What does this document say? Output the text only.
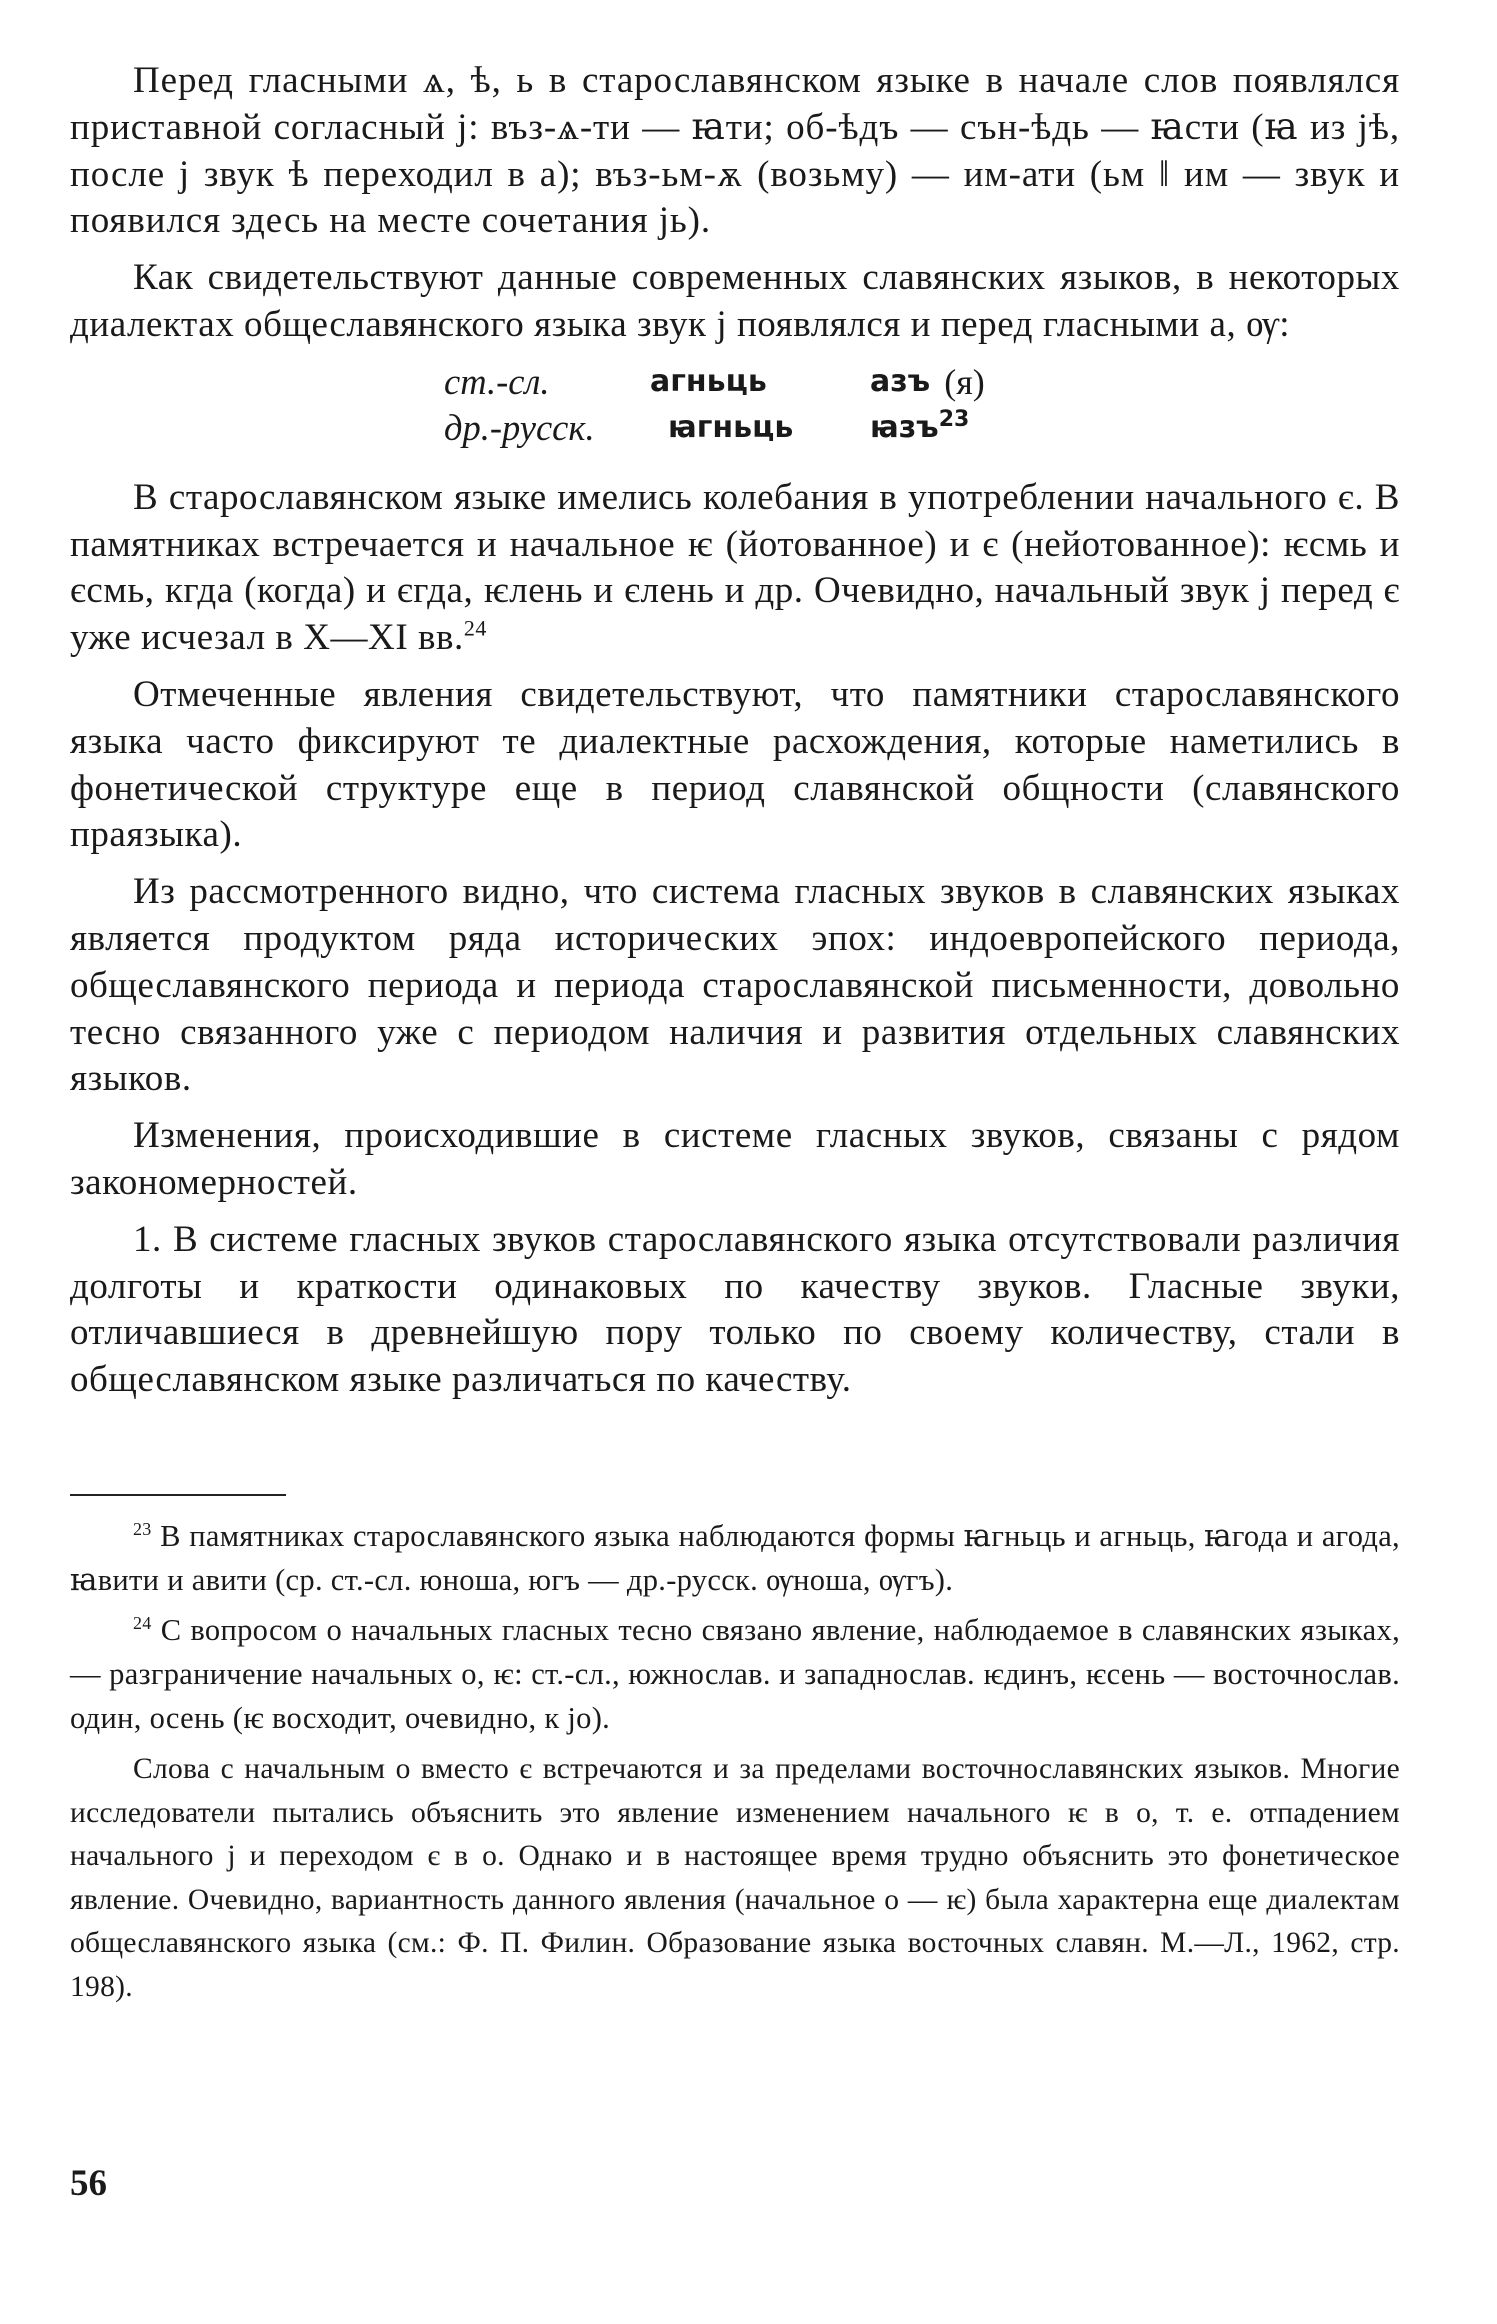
Перед гласными ѧ, ѣ, ь в старославянском языке в начале слов появлялся приставной согласный j: въз-ѧ-ти — ꙗти; об-ѣдъ — сън-ѣдь — ꙗсти (ꙗ из jѣ, после j звук ѣ переходил в а); въз-ьм-ѫ (возьму) — им-ати (ьм ‖ им — звук и появился здесь на месте сочетания jь).

Как свидетельствуют данные современных славянских языков, в некоторых диалектах общеславянского языка звук j появлялся и перед гласными а, ѹ:

ст.-сл.	агньць	азъ (я)
др.-русск.	ꙗгньць	ꙗзъ$^{23}$

В старославянском языке имелись колебания в употреблении начального є. В памятниках встречается и начальное ѥ (йотованное) и є (нейотованное): ѥсмь и єсмь, кгда (когда) и єгда, ѥлень и єлень и др. Очевидно, начальный звук j перед є уже исчезал в X—XI вв.$^{24}$

Отмеченные явления свидетельствуют, что памятники старославянского языка часто фиксируют те диалектные расхождения, которые наметились в фонетической структуре еще в период славянской общности (славянского праязыка).

Из рассмотренного видно, что система гласных звуков в славянских языках является продуктом ряда исторических эпох: индоевропейского периода, общеславянского периода и периода старославянской письменности, довольно тесно связанного уже с периодом наличия и развития отдельных славянских языков.

Изменения, происходившие в системе гласных звуков, связаны с рядом закономерностей.

1. В системе гласных звуков старославянского языка отсутствовали различия долготы и краткости одинаковых по качеству звуков. Гласные звуки, отличавшиеся в древнейшую пору только по своему количеству, стали в общеславянском языке различаться по качеству.

$^{23}$ В памятниках старославянского языка наблюдаются формы ꙗгньць и агньць, ꙗгода и агода, ꙗвити и авити (ср. ст.-сл. юноша, югъ — др.-русск. ѹноша, ѹгъ).

$^{24}$ С вопросом о начальных гласных тесно связано явление, наблюдаемое в славянских языках, — разграничение начальных о, ѥ: ст.-сл., южнослав. и западнослав. ѥдинъ, ѥсень — восточнослав. один, осень (ѥ восходит, очевидно, к jo).

Слова с начальным о вместо є встречаются и за пределами восточнославянских языков. Многие исследователи пытались объяснить это явление изменением начального ѥ в о, т. е. отпадением начального j и переходом є в о. Однако и в настоящее время трудно объяснить это фонетическое явление. Очевидно, вариантность данного явления (начальное о — ѥ) была характерна еще диалектам общеславянского языка (см.: Ф. П. Филин. Образование языка восточных славян. М.—Л., 1962, стр. 198).

56
